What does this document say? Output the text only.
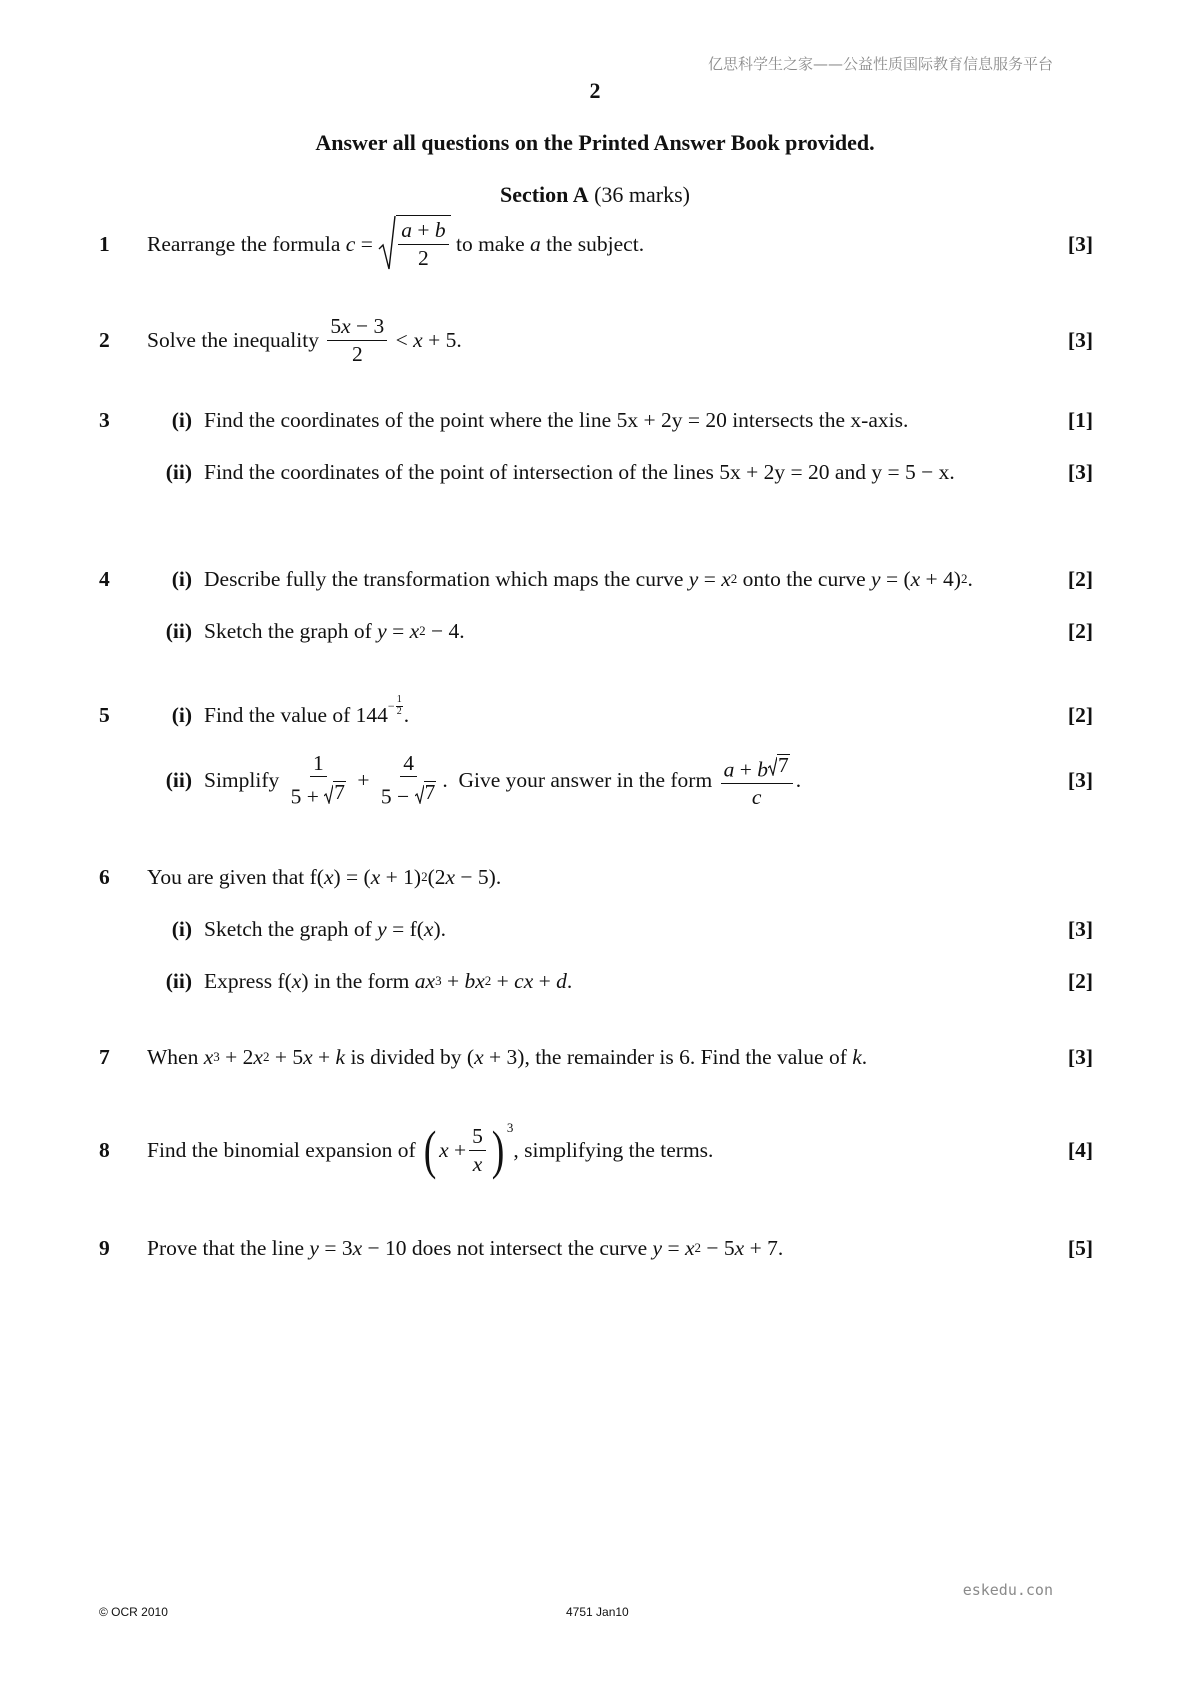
亿思科学生之家——公益性质国际教育信息服务平台
2
Answer all questions on the Printed Answer Book provided.
Section A (36 marks)
1 Rearrange the formula
$c = \frac{a + b}{2}$
to make
a
the subject.	[3]
2 Solve the inequality
$\frac{5x - 3}{2} < x + 5$.	[3]
3	(i) Find the coordinates of the point where the line 5x + 2y = 20 intersects the x-axis.	[1]
(ii) Find the coordinates of the point of intersection of the lines 5x + 2y = 20 and y = 5 − x.	[3]
4	(i) Describe fully the transformation which maps the curve
y = x 2
onto the curve
y = ( x + 4) 2 .	[2]
(ii) Sketch the graph of
y = x 2 − 4.	[2]
5	(i) Find the value of $144 - \frac{1}{2}$ .	[2]
(ii) Simplify
$\frac{1}{5 + 7} + \frac{4}{5 - 7}$ . Give your answer in the form
$\frac{a + b 7}{c}$ .	[3]
6 You are given that f( x ) = ( x + 1) 2 (2 x − 5).
(i) Sketch the graph of
y = f( x ).	[3]
(ii) Express f( x ) in the form
ax 3 + bx 2 + cx + d .	[2]
7 When
x 3 + 2 x 2 + 5 x + k
is divided by ( x + 3) , the remainder is 6. Find the value of
k .	[3]
8 Find the binomial expansion of
( $x + \frac{5}{x} )^3$
, simplifying the terms.	[4]
9 Prove that the line
y = 3 x − 10 does not intersect the curve
y = x 2 − 5 x + 7.	[5]
eskedu.con
© OCR 2010	4751 Jan10
